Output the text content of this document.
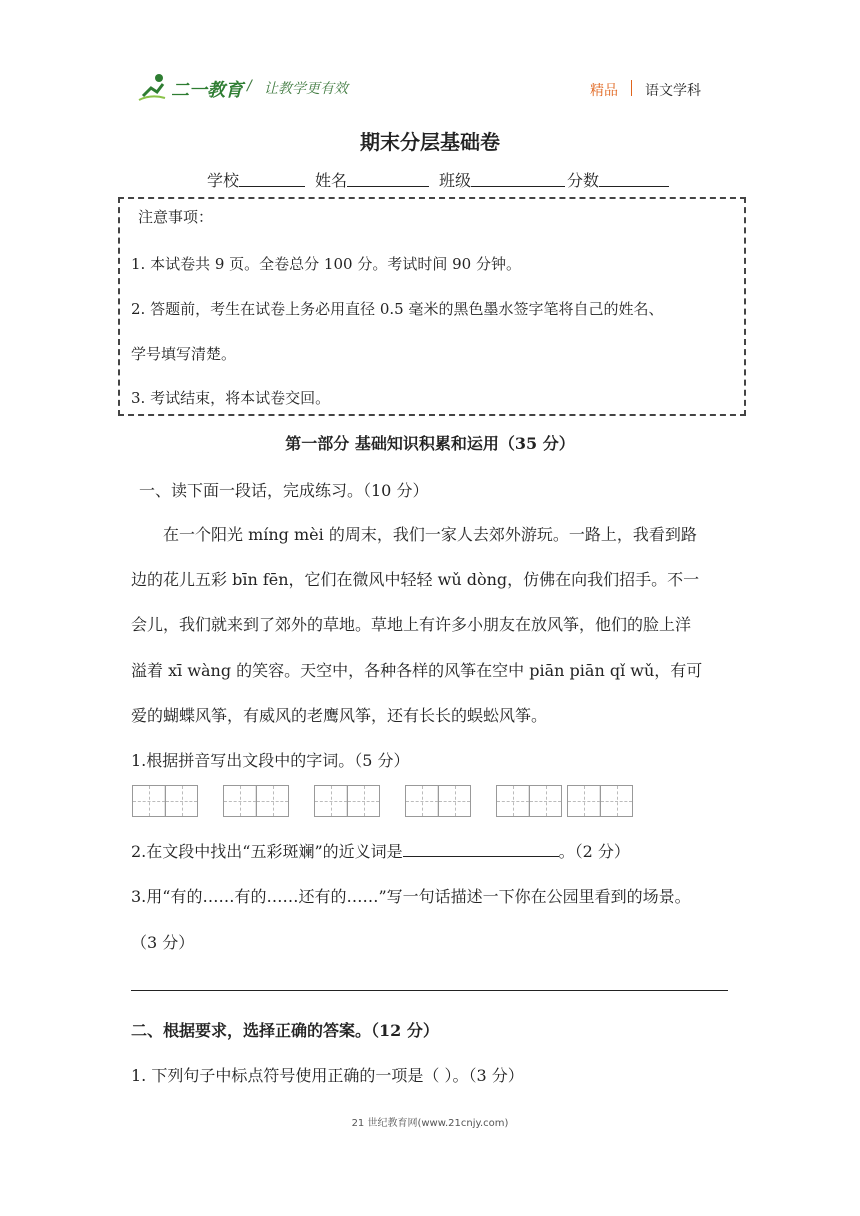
二一教育 / 让教学更有效	精品 语文学科
期末分层基础卷
学校	姓名	班级	分数
注意事项：
1. 本试卷共 9 页。全卷总分 100 分。考试时间 90 分钟。
2. 答题前，考生在试卷上务必用直径 0.5 毫米的黑色墨水签字笔将自己的姓名、
学号填写清楚。
3. 考试结束，将本试卷交回。
第一部分 基础知识积累和运用（35 分）
一、读下面一段话，完成练习。（10 分）
在一个阳光 míng mèi 的周末，我们一家人去郊外游玩。一路上，我看到路
边的花儿五彩 bīn fēn，它们在微风中轻轻 wǔ dòng，仿佛在向我们招手。不一
会儿，我们就来到了郊外的草地。草地上有许多小朋友在放风筝，他们的脸上洋
溢着 xī wàng 的笑容。天空中，各种各样的风筝在空中 piān piān qǐ wǔ，有可
爱的蝴蝶风筝，有威风的老鹰风筝，还有长长的蜈蚣风筝。
1.根据拼音写出文段中的字词。（5 分）
2.在文段中找出“五彩斑斓”的近义词是	。（2 分）
3.用“有的……有的……还有的……”写一句话描述一下你在公园里看到的场景。
（3 分）
二、根据要求，选择正确的答案。（12 分）
1. 下列句子中标点符号使用正确的一项是（ ）。（3 分）
21 世纪教育网(www.21cnjy.com)
